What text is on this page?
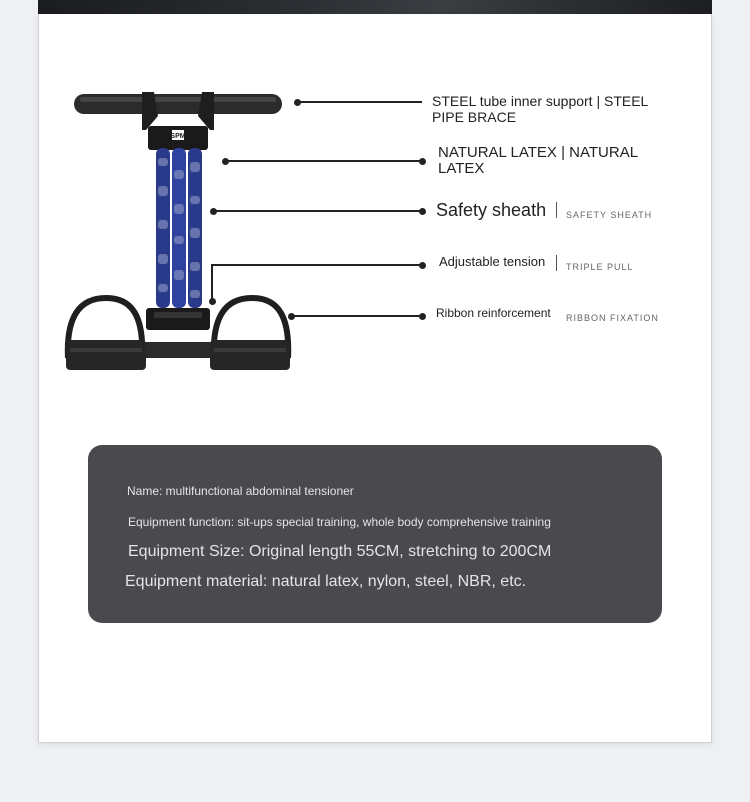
SPM
STEEL tube inner support | STEEL PIPE BRACE
NATURAL LATEX | NATURAL LATEX
Safety sheath SAFETY SHEATH
Adjustable tension TRIPLE PULL
Ribbon reinforcement RIBBON FIXATION
Name: multifunctional abdominal tensioner
Equipment function: sit-ups special training, whole body comprehensive training
Equipment Size: Original length 55CM, stretching to 200CM
Equipment material: natural latex, nylon, steel, NBR, etc.
